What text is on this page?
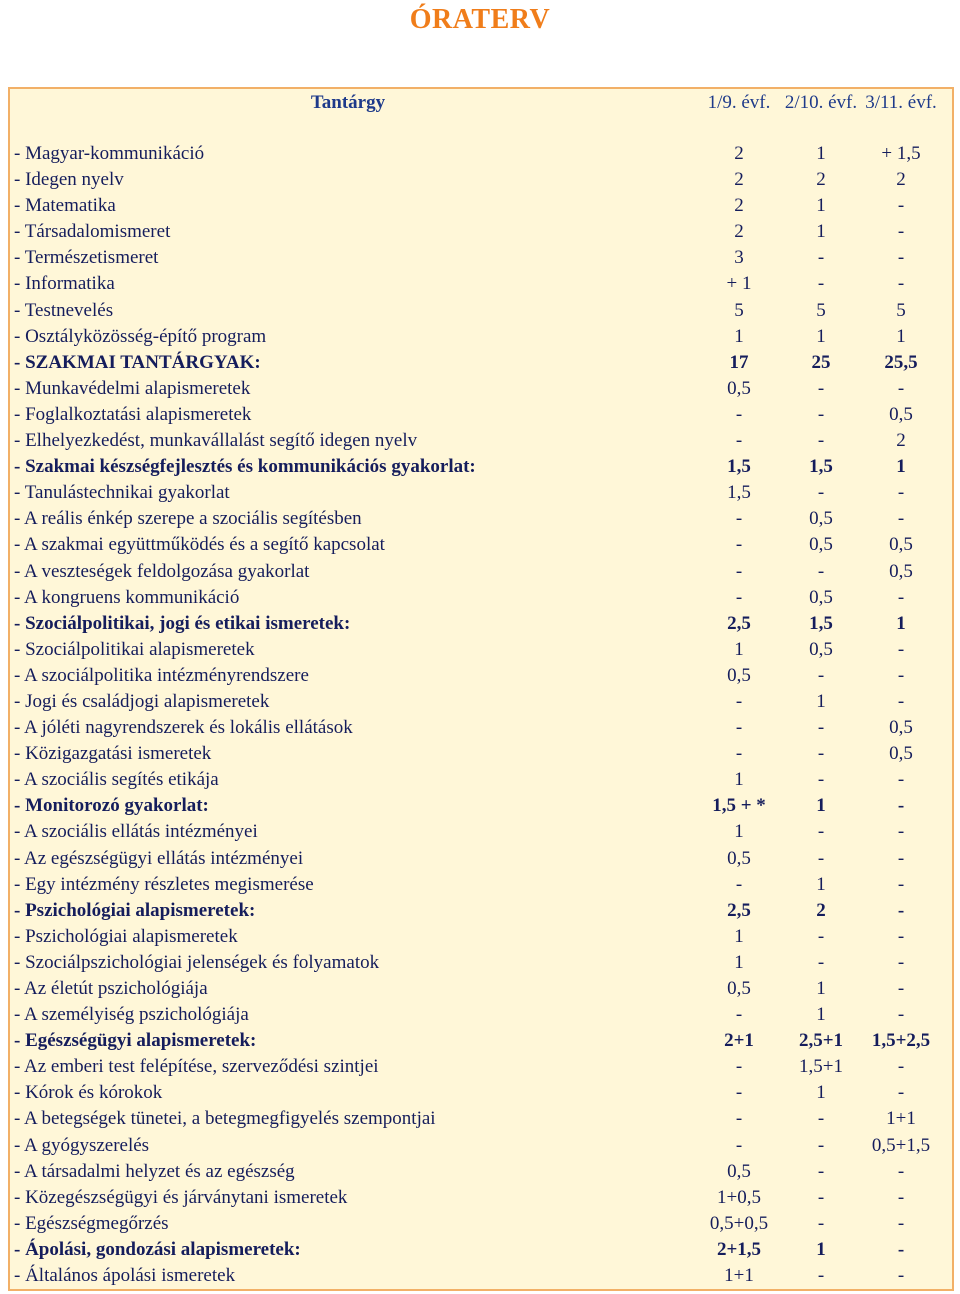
ÓRATERV
Tantárgy	1/9. évf. 2/10. évf. 3/11. évf.
- Magyar-kommunikáció	2	1	+ 1,5
- Idegen nyelv	2	2	2
- Matematika	2	1	-
- Társadalomismeret	2	1	-
- Természetismeret	3	-	-
- Informatika	+ 1	-	-
- Testnevelés	5	5	5
- Osztályközösség-építő program	1	1	1
- SZAKMAI TANTÁRGYAK:	17	25	25,5
- Munkavédelmi alapismeretek	0,5	-	-
- Foglalkoztatási alapismeretek	-	-	0,5
- Elhelyezkedést, munkavállalást segítő idegen nyelv	-	-	2
- Szakmai készségfejlesztés és kommunikációs gyakorlat:	1,5	1,5	1
- Tanulástechnikai gyakorlat	1,5	-	-
- A reális énkép szerepe a szociális segítésben	-	0,5	-
- A szakmai együttműködés és a segítő kapcsolat	-	0,5	0,5
- A veszteségek feldolgozása gyakorlat	-	-	0,5
- A kongruens kommunikáció	-	0,5	-
- Szociálpolitikai, jogi és etikai ismeretek:	2,5	1,5	1
- Szociálpolitikai alapismeretek	1	0,5	-
- A szociálpolitika intézményrendszere	0,5	-	-
- Jogi és családjogi alapismeretek	-	1	-
- A jóléti nagyrendszerek és lokális ellátások	-	-	0,5
- Közigazgatási ismeretek	-	-	0,5
- A szociális segítés etikája	1	-	-
- Monitorozó gyakorlat:	1,5 + *	1	-
- A szociális ellátás intézményei	1	-	-
- Az egészségügyi ellátás intézményei	0,5	-	-
- Egy intézmény részletes megismerése	-	1	-
- Pszichológiai alapismeretek:	2,5	2	-
- Pszichológiai alapismeretek	1	-	-
- Szociálpszichológiai jelenségek és folyamatok	1	-	-
- Az életút pszichológiája	0,5	1	-
- A személyiség pszichológiája	-	1	-
- Egészségügyi alapismeretek:	2+1	2,5+1	1,5+2,5
- Az emberi test felépítése, szerveződési szintjei	-	1,5+1	-
- Kórok és kórokok	-	1	-
- A betegségek tünetei, a betegmegfigyelés szempontjai	-	-	1+1
- A gyógyszerelés	-	-	0,5+1,5
- A társadalmi helyzet és az egészség	0,5	-	-
- Közegészségügyi és járványtani ismeretek	1+0,5	-	-
- Egészségmegőrzés	0,5+0,5	-	-
- Ápolási, gondozási alapismeretek:	2+1,5	1	-
- Általános ápolási ismeretek	1+1	-	-
